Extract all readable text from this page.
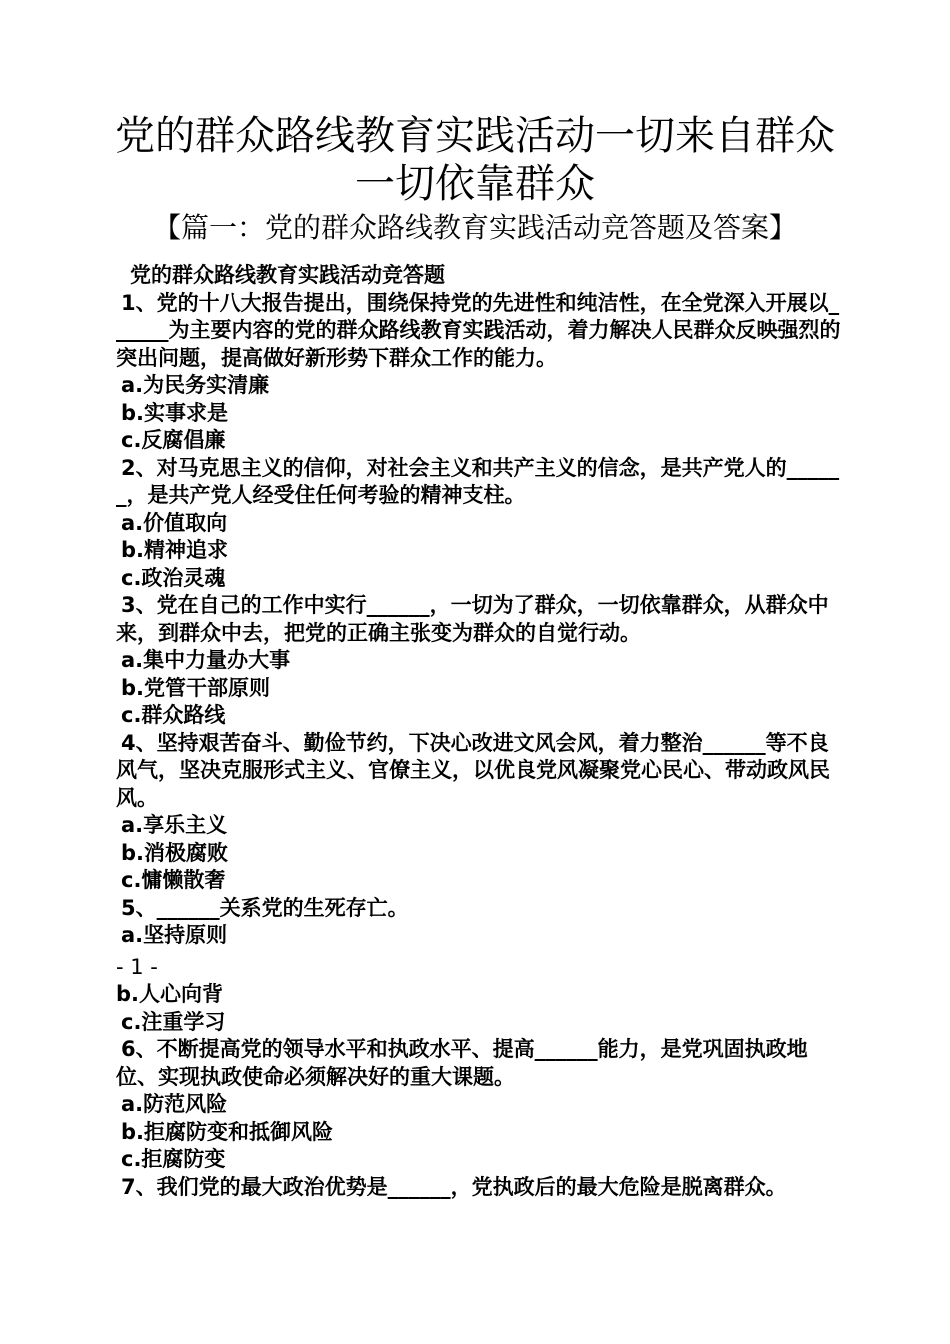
党的群众路线教育实践活动一切来自群众一切依靠群众

【篇一：党的群众路线教育实践活动竞答题及答案】

党的群众路线教育实践活动竞答题

1、党的十八大报告提出，围绕保持党的先进性和纯洁性，在全党深入开展以______为主要内容的党的群众路线教育实践活动，着力解决人民群众反映强烈的突出问题，提高做好新形势下群众工作的能力。

a.为民务实清廉

b.实事求是

c.反腐倡廉

2、对马克思主义的信仰，对社会主义和共产主义的信念，是共产党人的______，是共产党人经受住任何考验的精神支柱。

a.价值取向

b.精神追求

c.政治灵魂

3、党在自己的工作中实行______，一切为了群众，一切依靠群众，从群众中来，到群众中去，把党的正确主张变为群众的自觉行动。

a.集中力量办大事

b.党管干部原则

c.群众路线

4、坚持艰苦奋斗、勤俭节约，下决心改进文风会风，着力整治______等不良风气，坚决克服形式主义、官僚主义，以优良党风凝聚党心民心、带动政风民风。

a.享乐主义

b.消极腐败

c.慵懒散奢

5、______关系党的生死存亡。

a.坚持原则

- 1 -

b.人心向背

c.注重学习

6、不断提高党的领导水平和执政水平、提高______能力，是党巩固执政地位、实现执政使命必须解决好的重大课题。

a.防范风险

b.拒腐防变和抵御风险

c.拒腐防变

7、我们党的最大政治优势是______，党执政后的最大危险是脱离群众。
